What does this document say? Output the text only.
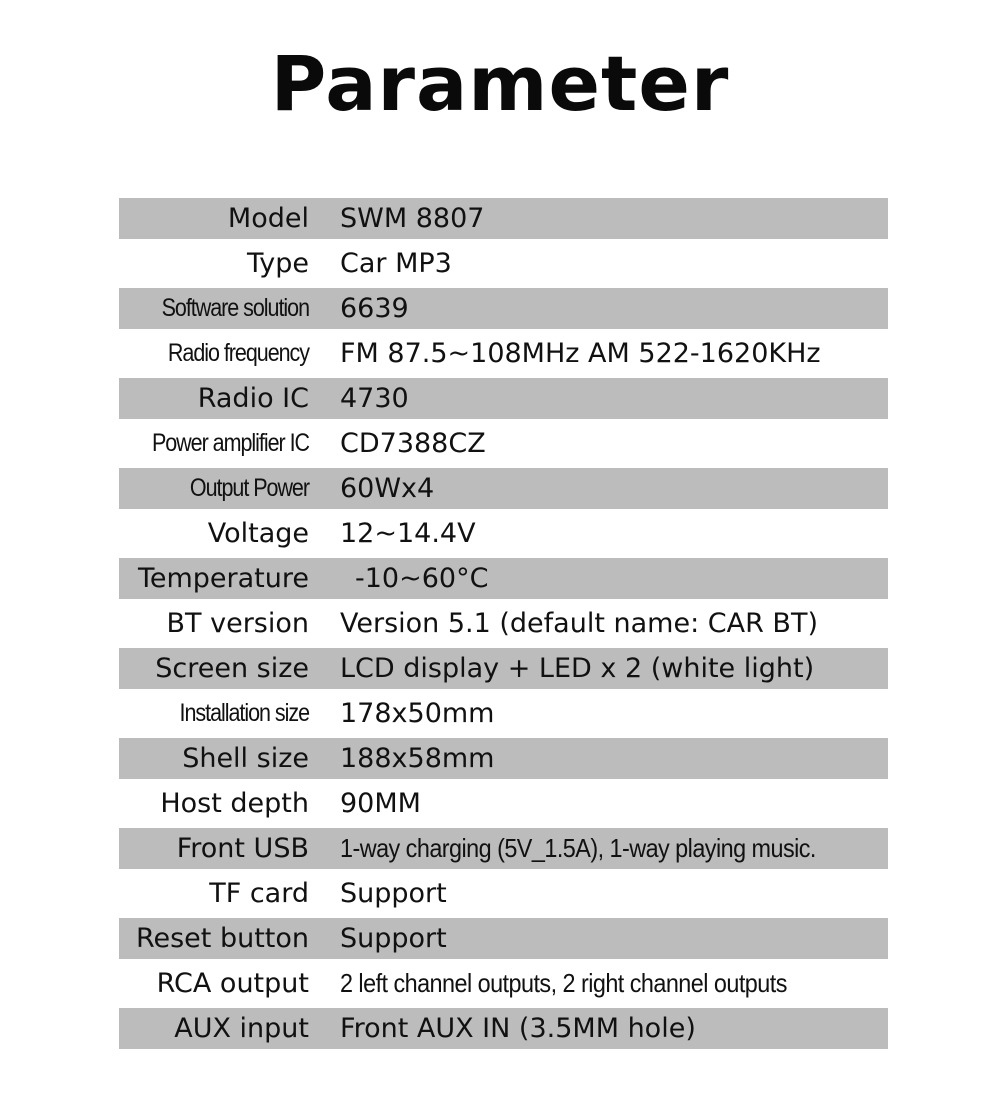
Parameter
Model SWM 8807
Type Car MP3
Software solution 6639
Radio frequency FM 87.5~108MHz AM 522-1620KHz
Radio IC 4730
Power amplifier IC CD7388CZ
Output Power 60Wx4
Voltage 12~14.4V
Temperature -10~60°C
BT version Version 5.1 (default name: CAR BT)
Screen size LCD display + LED x 2 (white light)
Installation size 178x50mm
Shell size 188x58mm
Host depth 90MM
Front USB 1-way charging (5V_1.5A), 1-way playing music.
TF card Support
Reset button Support
RCA output 2 left channel outputs, 2 right channel outputs
AUX input Front AUX IN (3.5MM hole)
